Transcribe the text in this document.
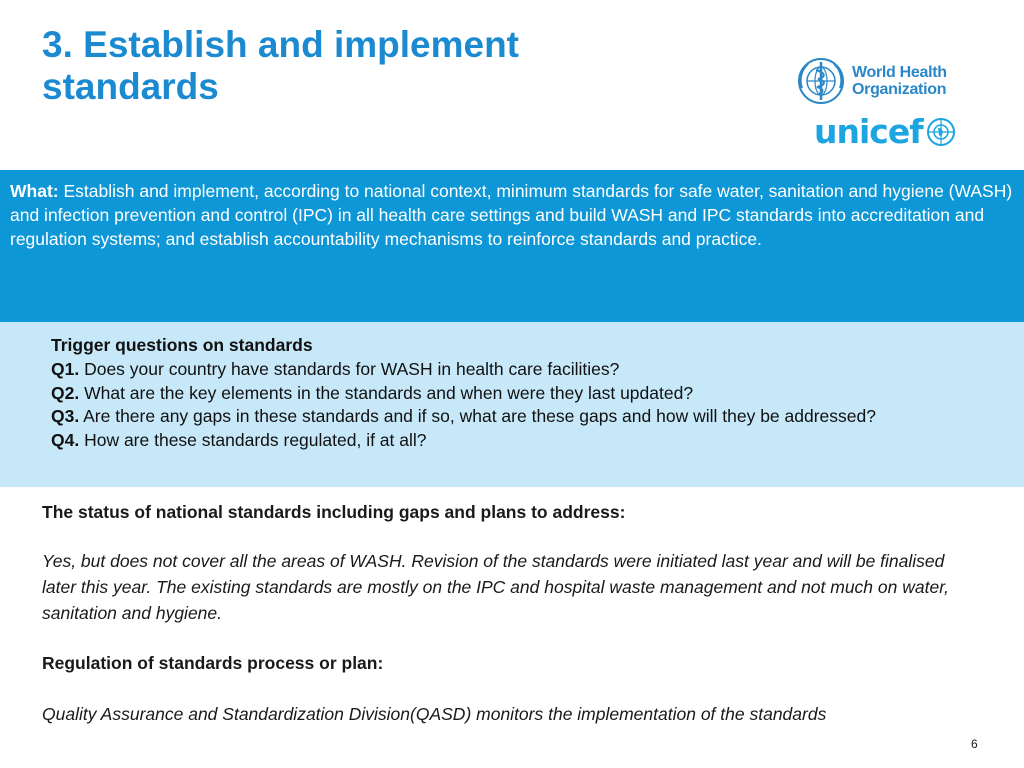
3. Establish and implement standards	World Health
Organization
unicef
What: Establish and implement, according to national context, minimum standards for safe water, sanitation and hygiene (WASH) and infection prevention and control (IPC) in all health care settings and build WASH and IPC standards into accreditation and regulation systems; and establish accountability mechanisms to reinforce standards and practice.
Trigger questions on standards
Q1. Does your country have standards for WASH in health care facilities?
Q2. What are the key elements in the standards and when were they last updated?
Q3. Are there any gaps in these standards and if so, what are these gaps and how will they be addressed?
Q4. How are these standards regulated, if at all?
The status of national standards including gaps and plans to address:
Yes, but does not cover all the areas of WASH. Revision of the standards were initiated last year and will be finalised later this year. The existing standards are mostly on the IPC and hospital waste management and not much on water, sanitation and hygiene.
Regulation of standards process or plan:
Quality Assurance and Standardization Division(QASD) monitors the implementation of the standards
6
